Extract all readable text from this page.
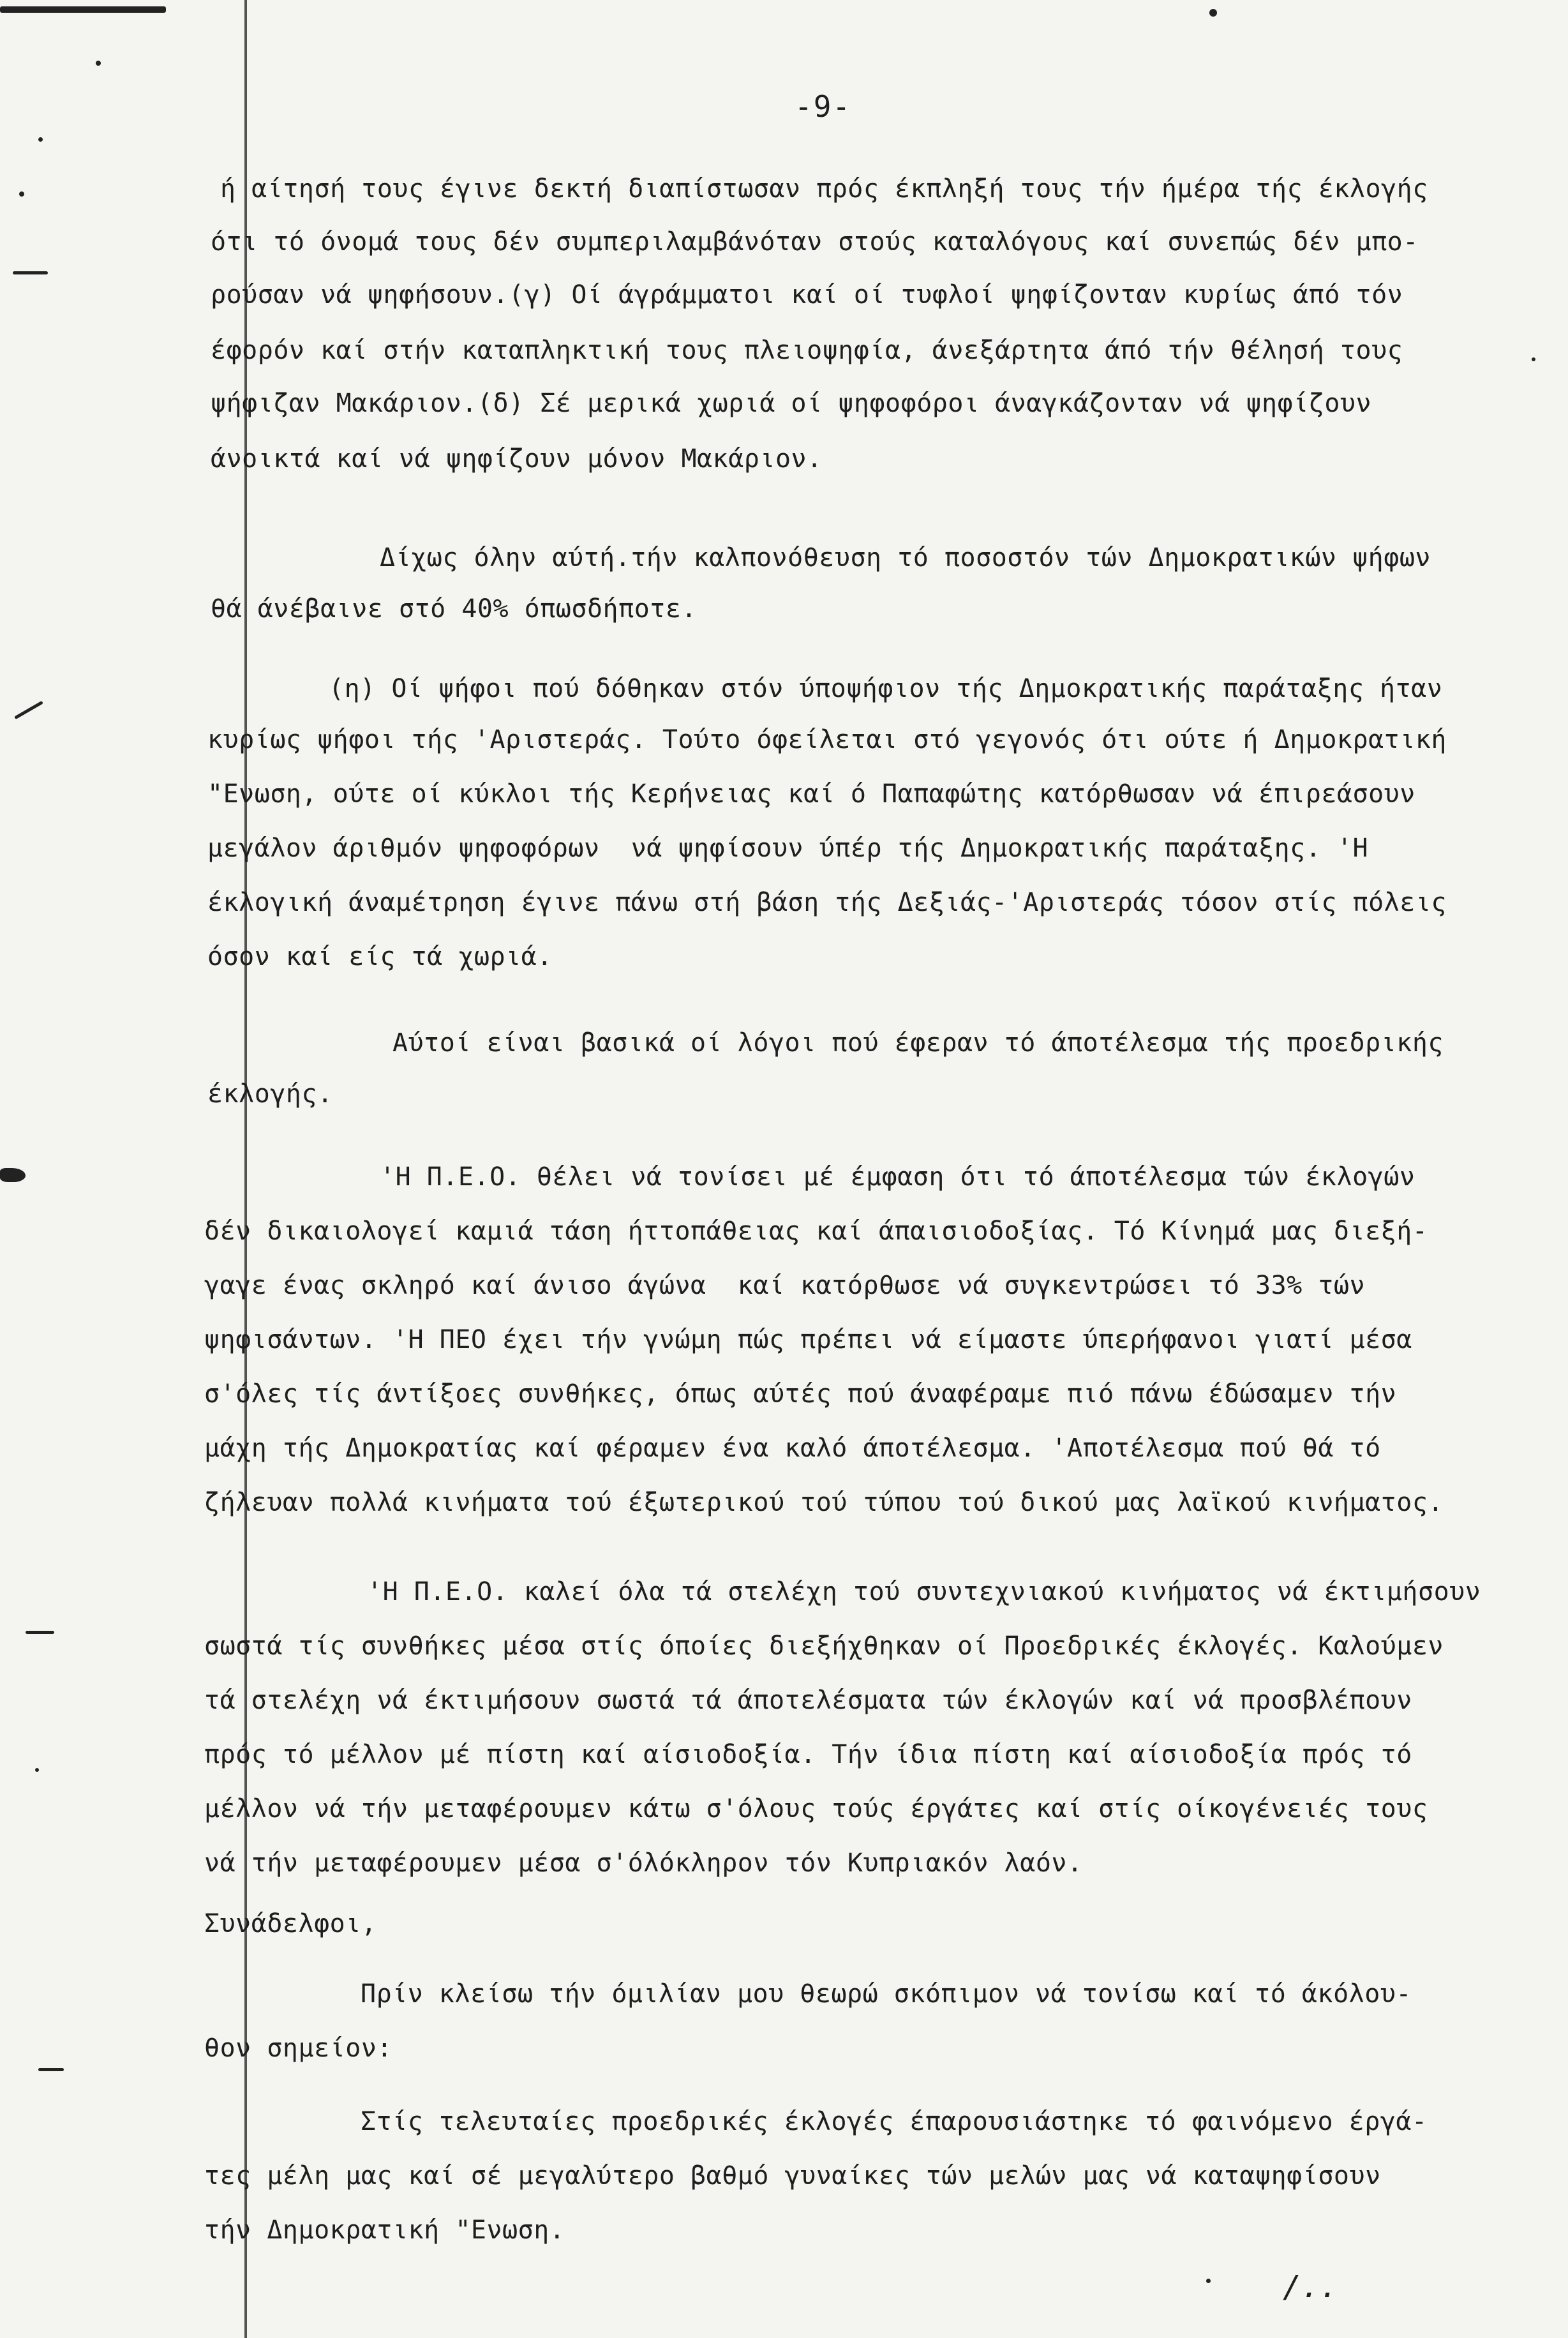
-9-
ή αίτησή τους έγινε δεκτή διαπίστωσαν πρός έκπληξή τους τήν ήμέρα τής έκλογής
ότι τό όνομά τους δέν συμπεριλαμβάνόταν στούς καταλόγους καί συνεπώς δέν μπο-
ρούσαν νά ψηφήσουν.(γ) Οί άγράμματοι καί οί τυφλοί ψηφίζονταν κυρίως άπό τόν
έφορόν καί στήν καταπληκτική τους πλειοψηφία, άνεξάρτητα άπό τήν θέλησή τους
ψήφιζαν Μακάριον.(δ) Σέ μερικά χωριά οί ψηφοφόροι άναγκάζονταν νά ψηφίζουν
άνοικτά καί νά ψηφίζουν μόνον Μακάριον.
Δίχως όλην αύτή.τήν καλπονόθευση τό ποσοστόν τών Δημοκρατικών ψήφων
θά άνέβαινε στό 40% όπωσδήποτε.
(η) Οί ψήφοι πού δόθηκαν στόν ύποψήφιον τής Δημοκρατικής παράταξης ήταν
κυρίως ψήφοι τής 'Αριστεράς. Τούτο όφείλεται στό γεγονός ότι ούτε ή Δημοκρατική
"Ενωση, ούτε οί κύκλοι τής Κερήνειας καί ό Παπαφώτης κατόρθωσαν νά έπιρεάσουν
μεγάλον άριθμόν ψηφοφόρων  νά ψηφίσουν ύπέρ τής Δημοκρατικής παράταξης. 'Η
έκλογική άναμέτρηση έγινε πάνω στή βάση τής Δεξιάς-'Αριστεράς τόσον στίς πόλεις
όσον καί είς τά χωριά.
Αύτοί είναι βασικά οί λόγοι πού έφεραν τό άποτέλεσμα τής προεδρικής
έκλογής.
'Η Π.Ε.Ο. θέλει νά τονίσει μέ έμφαση ότι τό άποτέλεσμα τών έκλογών
δέν δικαιολογεί καμιά τάση ήττοπάθειας καί άπαισιοδοξίας. Τό Κίνημά μας διεξή-
γαγε ένας σκληρό καί άνισο άγώνα  καί κατόρθωσε νά συγκεντρώσει τό 33% τών
ψηφισάντων. 'Η ΠΕΟ έχει τήν γνώμη πώς πρέπει νά είμαστε ύπερήφανοι γιατί μέσα
σ'όλες τίς άντίξοες συνθήκες, όπως αύτές πού άναφέραμε πιό πάνω έδώσαμεν τήν
μάχη τής Δημοκρατίας καί φέραμεν ένα καλό άποτέλεσμα. 'Αποτέλεσμα πού θά τό
ζήλευαν πολλά κινήματα τού έξωτερικού τού τύπου τού δικού μας λαϊκού κινήματος.
'Η Π.Ε.Ο. καλεί όλα τά στελέχη τού συντεχνιακού κινήματος νά έκτιμήσουν
σωστά τίς συνθήκες μέσα στίς όποίες διεξήχθηκαν οί Προεδρικές έκλογές. Καλούμεν
τά στελέχη νά έκτιμήσουν σωστά τά άποτελέσματα τών έκλογών καί νά προσβλέπουν
πρός τό μέλλον μέ πίστη καί αίσιοδοξία. Τήν ίδια πίστη καί αίσιοδοξία πρός τό
μέλλον νά τήν μεταφέρουμεν κάτω σ'όλους τούς έργάτες καί στίς οίκογένειές τους
νά τήν μεταφέρουμεν μέσα σ'όλόκληρον τόν Κυπριακόν λαόν.
Συνάδελφοι,
Πρίν κλείσω τήν όμιλίαν μου θεωρώ σκόπιμον νά τονίσω καί τό άκόλου-
θον σημείον:
Στίς τελευταίες προεδρικές έκλογές έπαρουσιάστηκε τό φαινόμενο έργά-
τες μέλη μας καί σέ μεγαλύτερο βαθμό γυναίκες τών μελών μας νά καταψηφίσουν
τήν Δημοκρατική "Ενωση.
/..
